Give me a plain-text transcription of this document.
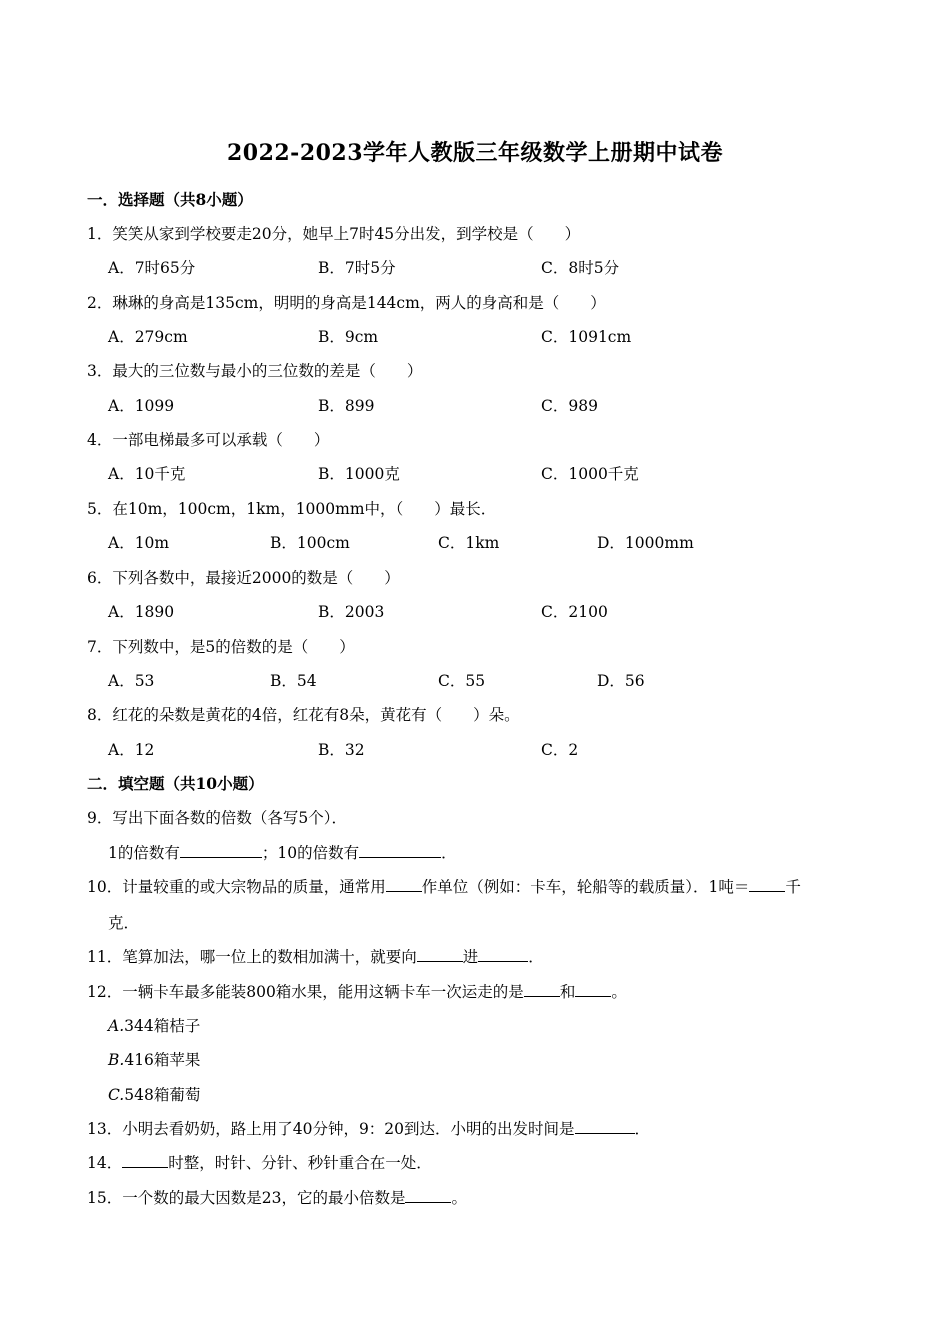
2022-2023学年人教版三年级数学上册期中试卷
一．选择题（共8小题）
1．笑笑从家到学校要走20分，她早上7时45分出发，到学校是（　　）
A．7时65分	B．7时5分	C．8时5分
2．琳琳的身高是135cm，明明的身高是144cm，两人的身高和是（　　）
A．279cm	B．9cm	C．1091cm
3．最大的三位数与最小的三位数的差是（　　）
A．1099	B．899	C．989
4．一部电梯最多可以承载（　　）
A．10千克	B．1000克	C．1000千克
5．在10m，100cm，1km，1000mm中，（　　）最长．
A．10m	B．100cm	C．1km	D．1000mm
6．下列各数中，最接近2000的数是（　　）
A．1890	B．2003	C．2100
7．下列数中，是5的倍数的是（　　）
A．53	B．54	C．55	D．56
8．红花的朵数是黄花的4倍，红花有8朵，黄花有（　　）朵。
A．12	B．32	C．2
二．填空题（共10小题）
9．写出下面各数的倍数（各写5个）．
1的倍数有	；10的倍数有	．
10．计量较重的或大宗物品的质量，通常用 作单位（例如：卡车，轮船等的载质量）．1吨＝ 千
克．
11．笔算加法，哪一位上的数相加满十，就要向	进	．
12．一辆卡车最多能装800箱水果，能用这辆卡车一次运走的是 和 。
A.344箱桔子
B.416箱苹果
C.548箱葡萄
13．小明去看奶奶，路上用了40分钟，9：20到达．小明的出发时间是	．
14．	时整，时针、分针、秒针重合在一处．
15．一个数的最大因数是23，它的最小倍数是	。
